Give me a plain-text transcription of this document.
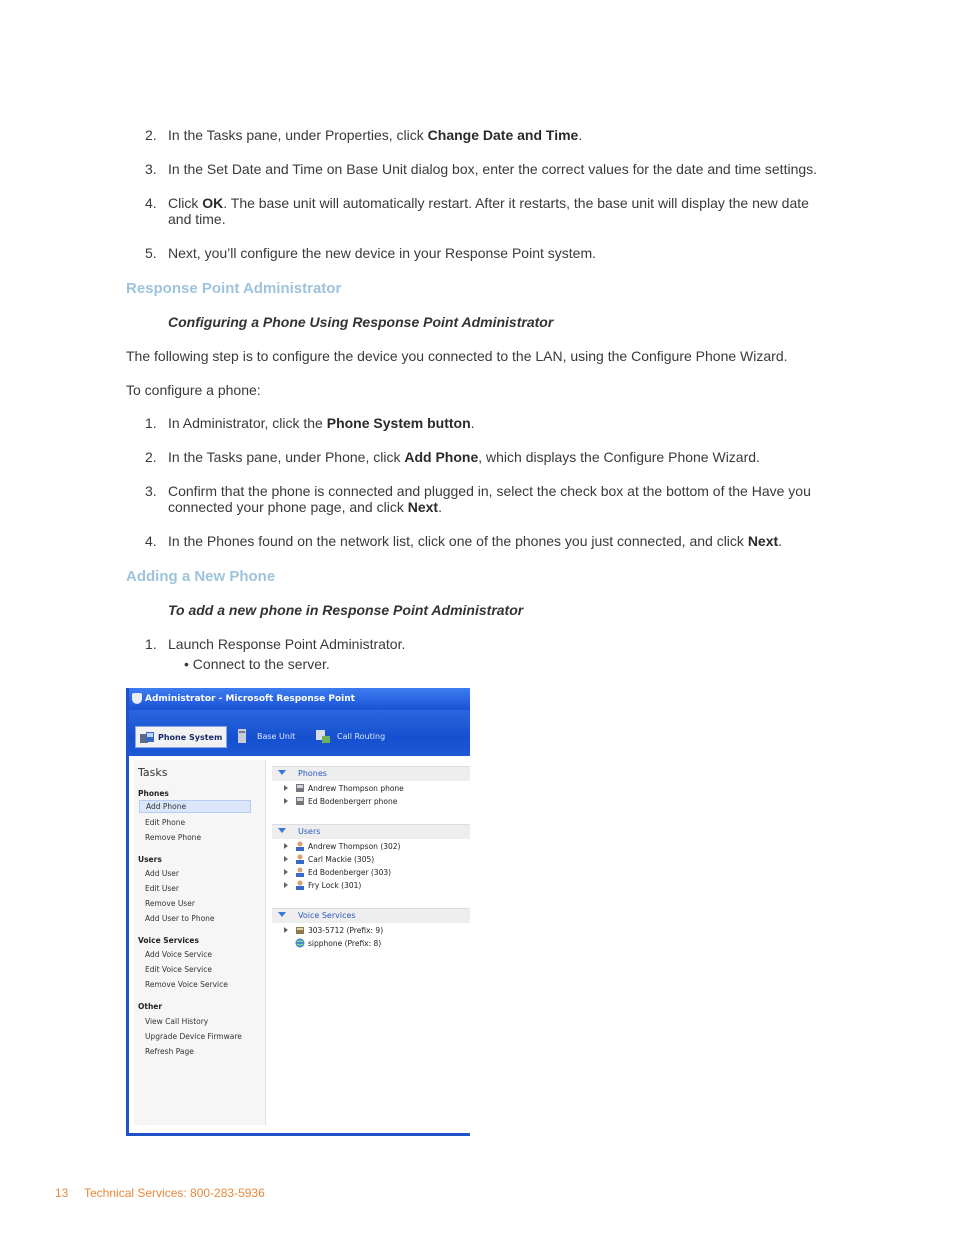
2. In the Tasks pane, under Properties, click Change Date and Time.
3. In the Set Date and Time on Base Unit dialog box, enter the correct values for the date and time settings.
4. Click OK. The base unit will automatically restart. After it restarts, the base unit will display the new date and time.
5. Next, you’ll configure the new device in your Response Point system.
Response Point Administrator
Configuring a Phone Using Response Point Administrator
The following step is to configure the device you connected to the LAN, using the Configure Phone Wizard.
To configure a phone:
1. In Administrator, click the Phone System button.
2. In the Tasks pane, under Phone, click Add Phone, which displays the Configure Phone Wizard.
3. Confirm that the phone is connected and plugged in, select the check box at the bottom of the Have you connected your phone page, and click Next.
4. In the Phones found on the network list, click one of the phones you just connected, and click Next.
Adding a New Phone
To add a new phone in Response Point Administrator
1. Launch Response Point Administrator.
• Connect to the server.
Administrator - Microsoft Response Point
Phone System	Base Unit	Call Routing
Tasks
Phones
Add Phone
Edit Phone
Remove Phone
Users
Add User
Edit User
Remove User
Add User to Phone
Voice Services
Add Voice Service
Edit Voice Service
Remove Voice Service
Other
View Call History
Upgrade Device Firmware
Refresh Page
Phones
Andrew Thompson phone
Ed Bodenbergerr phone
Users
Andrew Thompson (302)
Carl Mackie (305)
Ed Bodenberger (303)
Fry Lock (301)
Voice Services
303-5712 (Prefix: 9)
sipphone (Prefix: 8)
13 Technical Services: 800-283-5936
